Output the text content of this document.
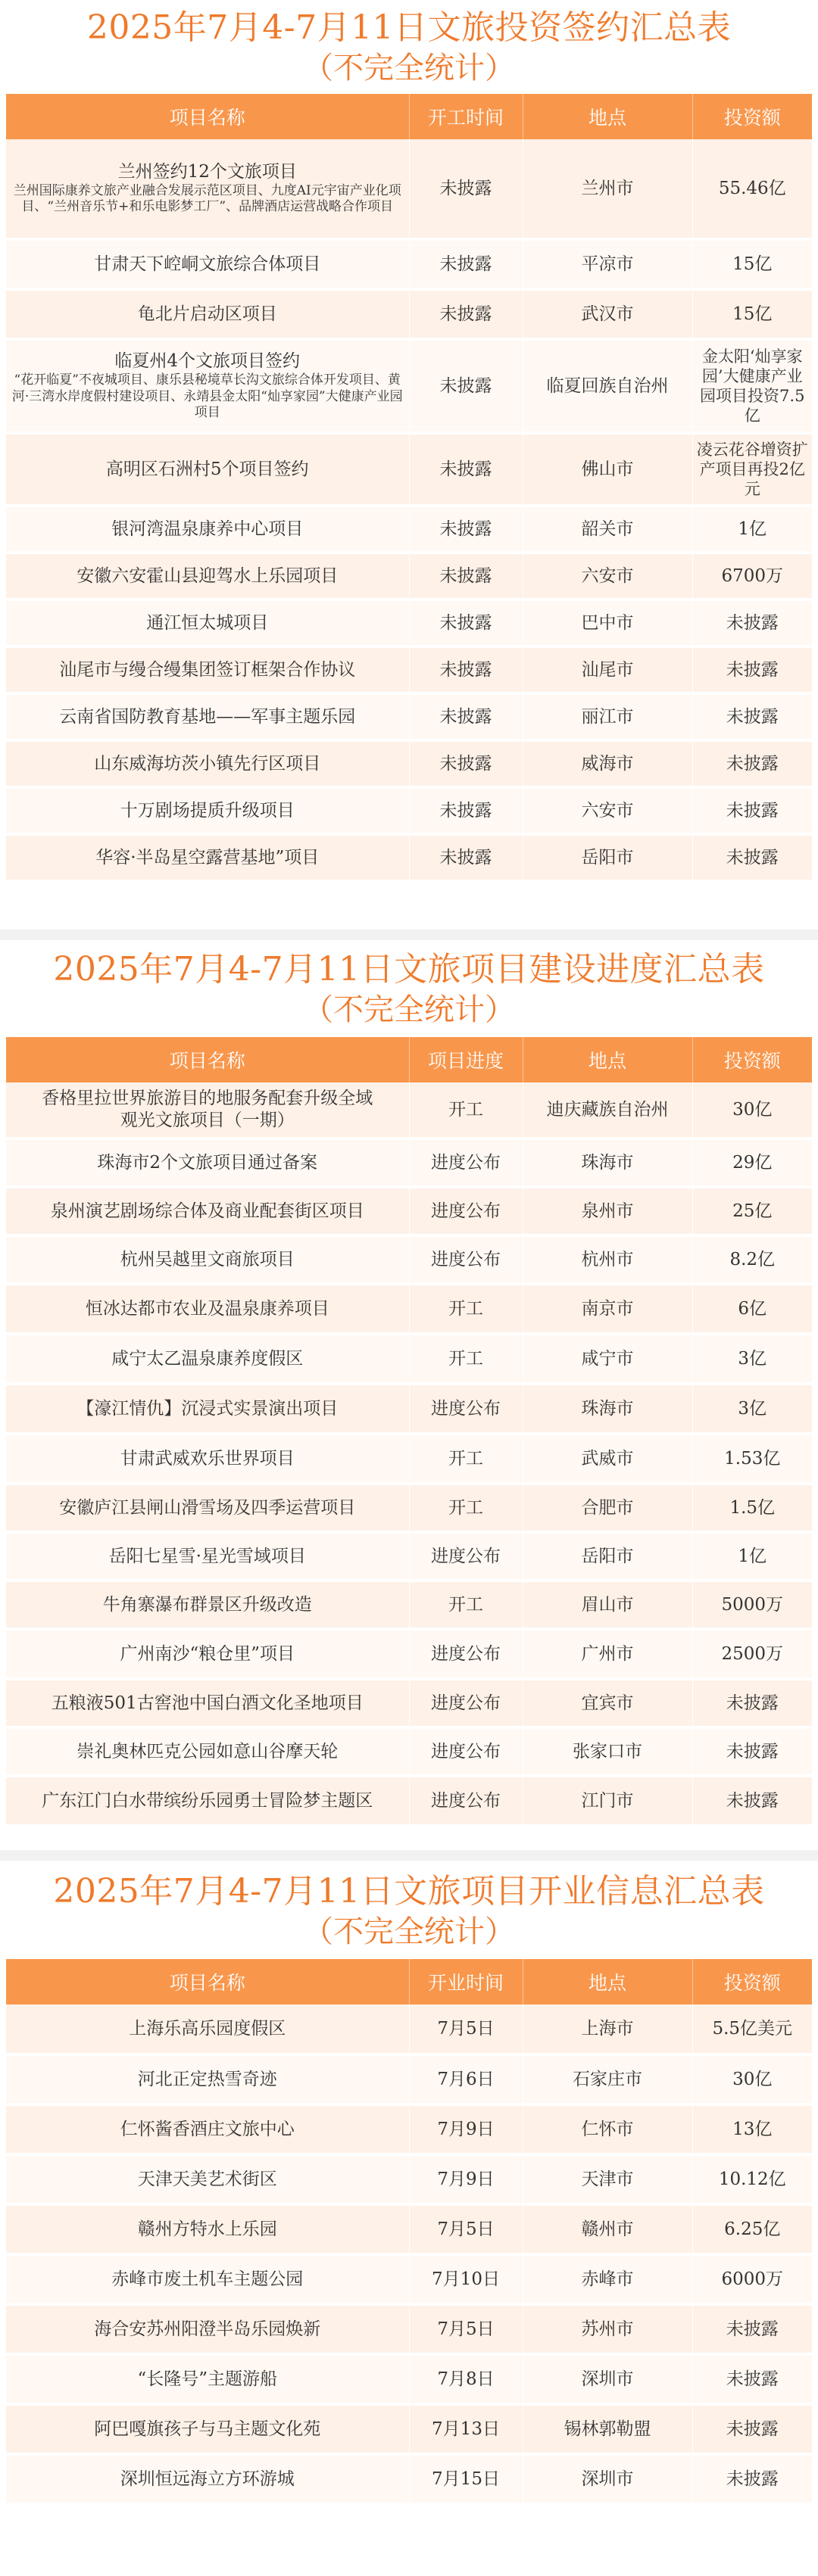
2025年7月4-7月11日文旅投资签约汇总表
（不完全统计）
项目名称	开工时间	地点	投资额

兰州签约12个文旅项目
兰州国际康养文旅产业融合发展示范区项目、九度AI元宇宙产业化项目、“兰州音乐节+和乐电影梦工厂”、品牌酒店运营战略合作项目	未披露	兰州市	55.46亿
甘肃天下崆峒文旅综合体项目	未披露	平凉市	15亿
龟北片启动区项目	未披露	武汉市	15亿

临夏州4个文旅项目签约
“花开临夏”不夜城项目、康乐县秘境草长沟文旅综合体开发项目、黄河·三湾水岸度假村建设项目、永靖县金太阳“灿享家园”大健康产业园项目	未披露	临夏回族自治州	金太阳‘灿享家园’大健康产业园项目投资7.5亿
高明区石洲村5个项目签约	未披露	佛山市	凌云花谷增资扩产项目再投2亿元
银河湾温泉康养中心项目	未披露	韶关市	1亿
安徽六安霍山县迎驾水上乐园项目	未披露	六安市	6700万
通江恒太城项目	未披露	巴中市	未披露
汕尾市与缦合缦集团签订框架合作协议	未披露	汕尾市	未披露
云南省国防教育基地——军事主题乐园	未披露	丽江市	未披露
山东威海坊茨小镇先行区项目	未披露	威海市	未披露
十万剧场提质升级项目	未披露	六安市	未披露
华容·半岛星空露营基地”项目	未披露	岳阳市	未披露
2025年7月4-7月11日文旅项目建设进度汇总表
（不完全统计）
项目名称	项目进度	地点	投资额
香格里拉世界旅游目的地服务配套升级全域观光文旅项目（一期）	开工	迪庆藏族自治州	30亿
珠海市2个文旅项目通过备案	进度公布	珠海市	29亿
泉州演艺剧场综合体及商业配套街区项目	进度公布	泉州市	25亿
杭州吴越里文商旅项目	进度公布	杭州市	8.2亿
恒冰达都市农业及温泉康养项目	开工	南京市	6亿
咸宁太乙温泉康养度假区	开工	咸宁市	3亿
【濠江情仇】沉浸式实景演出项目	进度公布	珠海市	3亿
甘肃武威欢乐世界项目	开工	武威市	1.53亿
安徽庐江县闸山滑雪场及四季运营项目	开工	合肥市	1.5亿
岳阳七星雪·星光雪域项目	进度公布	岳阳市	1亿
牛角寨瀑布群景区升级改造	开工	眉山市	5000万
广州南沙“粮仓里”项目	进度公布	广州市	2500万
五粮液501古窖池中国白酒文化圣地项目	进度公布	宜宾市	未披露
崇礼奥林匹克公园如意山谷摩天轮	进度公布	张家口市	未披露
广东江门白水带缤纷乐园勇士冒险梦主题区	进度公布	江门市	未披露
2025年7月4-7月11日文旅项目开业信息汇总表
（不完全统计）
项目名称	开业时间	地点	投资额
上海乐高乐园度假区	7月5日	上海市	5.5亿美元
河北正定热雪奇迹	7月6日	石家庄市	30亿
仁怀酱香酒庄文旅中心	7月9日	仁怀市	13亿
天津天美艺术街区	7月9日	天津市	10.12亿
赣州方特水上乐园	7月5日	赣州市	6.25亿
赤峰市废土机车主题公园	7月10日	赤峰市	6000万
海合安苏州阳澄半岛乐园焕新	7月5日	苏州市	未披露
“长隆号”主题游船	7月8日	深圳市	未披露
阿巴嘎旗孩子与马主题文化苑	7月13日	锡林郭勒盟	未披露
深圳恒远海立方环游城	7月15日	深圳市	未披露
